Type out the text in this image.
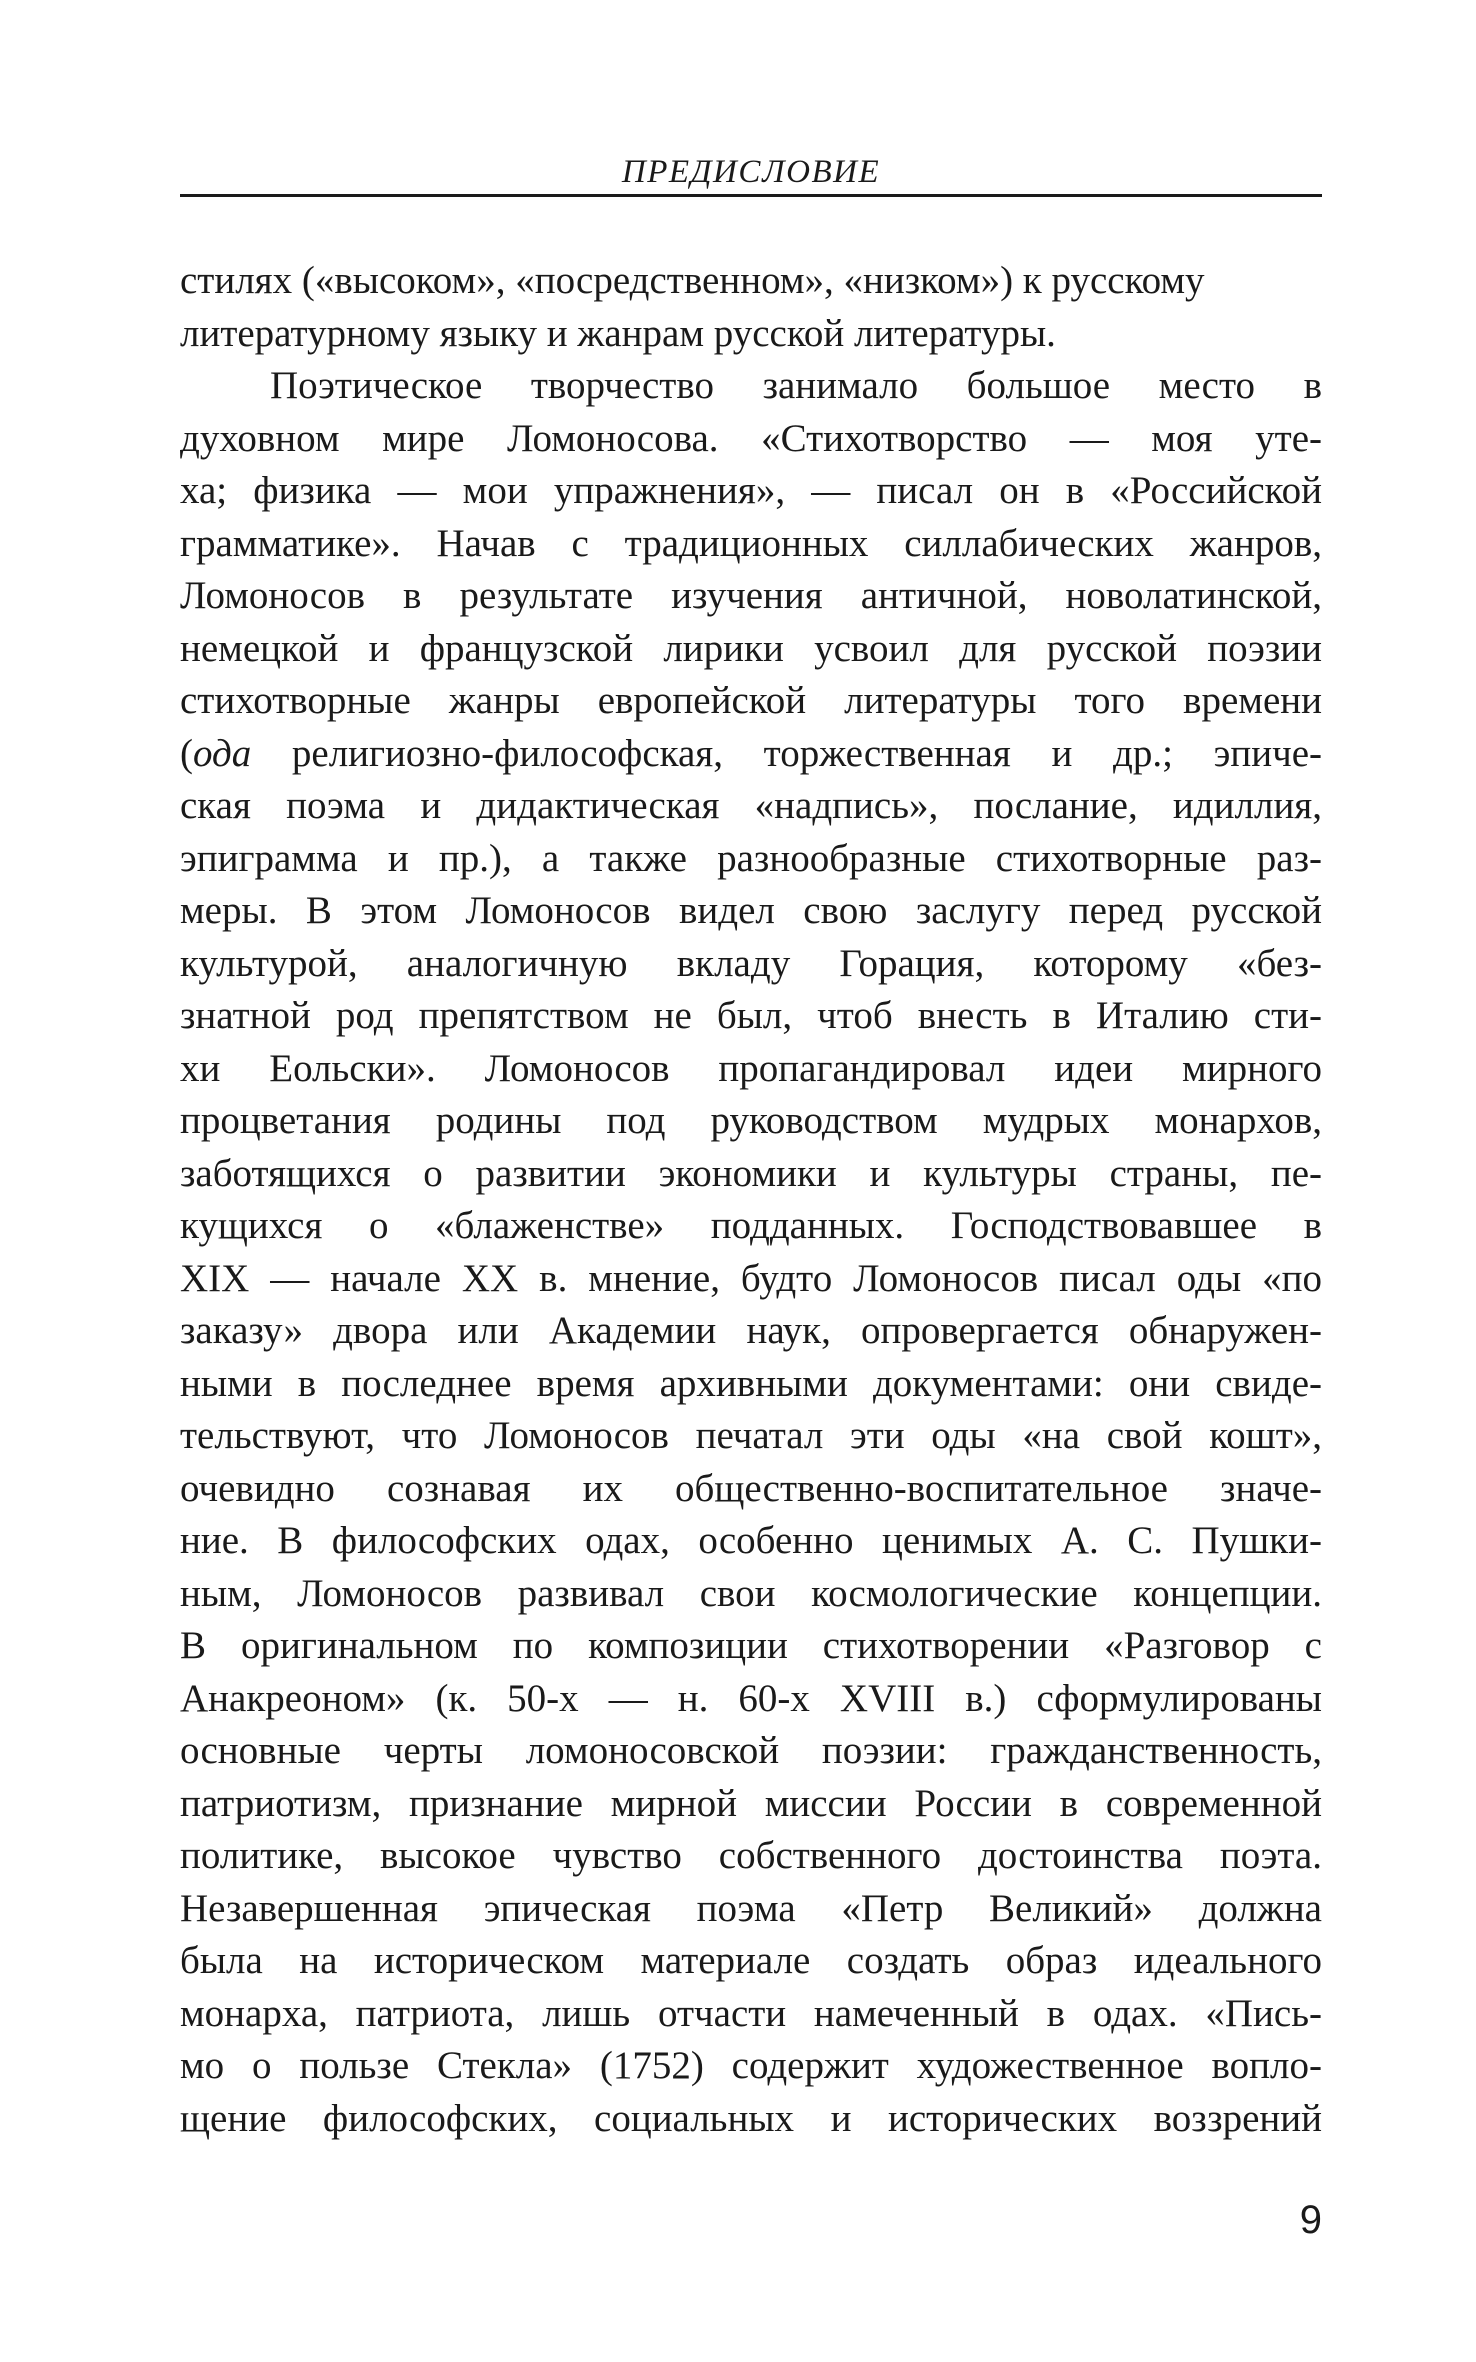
ПРЕДИСЛОВИЕ
стилях («высоком», «посредственном», «низком») к русскому
литературному языку и жанрам русской литературы.
Поэтическое творчество занимало большое место в
духовном мире Ломоносова. «Стихотворство — моя уте-
ха; физика — мои упражнения», — писал он в «Российской
грамматике». Начав с традиционных силлабических жанров,
Ломоносов в результате изучения античной, новолатинской,
немецкой и французской лирики усвоил для русской поэзии
стихотворные жанры европейской литературы того времени
(ода религиозно-философская, торжественная и др.; эпиче-
ская поэма и дидактическая «надпись», послание, идиллия,
эпиграмма и пр.), а также разнообразные стихотворные раз-
меры. В этом Ломоносов видел свою заслугу перед русской
культурой, аналогичную вкладу Горация, которому «без-
знатной род препятством не был, чтоб внесть в Италию сти-
хи Еольски». Ломоносов пропагандировал идеи мирного
процветания родины под руководством мудрых монархов,
заботящихся о развитии экономики и культуры страны, пе-
кущихся о «блаженстве» подданных. Господствовавшее в
XIX — начале XX в. мнение, будто Ломоносов писал оды «по
заказу» двора или Академии наук, опровергается обнаружен-
ными в последнее время архивными документами: они свиде-
тельствуют, что Ломоносов печатал эти оды «на свой кошт»,
очевидно сознавая их общественно-воспитательное значе-
ние. В философских одах, особенно ценимых А. С. Пушки-
ным, Ломоносов развивал свои космологические концепции.
В оригинальном по композиции стихотворении «Разговор с
Анакреоном» (к. 50-х — н. 60-х XVIII в.) сформулированы
основные черты ломоносовской поэзии: гражданственность,
патриотизм, признание мирной миссии России в современной
политике, высокое чувство собственного достоинства поэта.
Незавершенная эпическая поэма «Петр Великий» должна
была на историческом материале создать образ идеального
монарха, патриота, лишь отчасти намеченный в одах. «Пись-
мо о пользе Стекла» (1752) содержит художественное вопло-
щение философских, социальных и исторических воззрений
9
